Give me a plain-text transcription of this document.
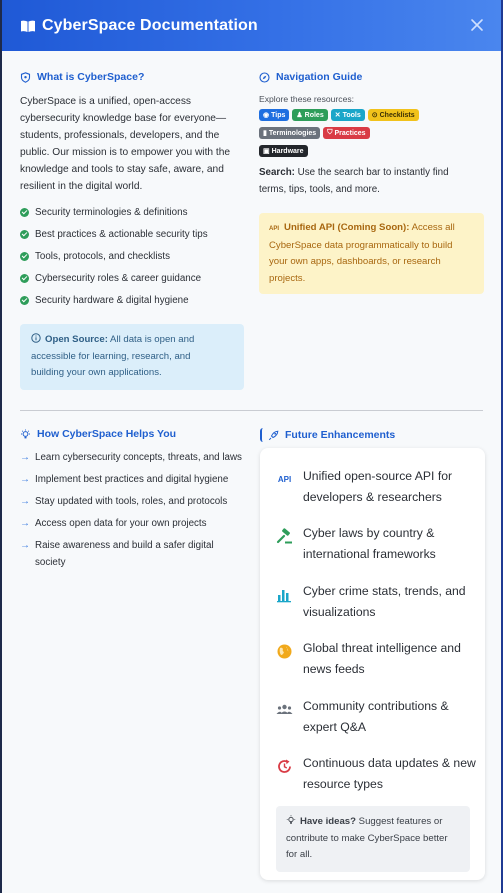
CyberSpace Documentation
What is CyberSpace?
CyberSpace is a unified, open-access
cybersecurity knowledge base for everyone—
students, professionals, developers, and the
public. Our mission is to empower you with the
knowledge and tools to stay safe, aware, and
resilient in the digital world.
Security terminologies & definitions
Best practices & actionable security tips
Tools, protocols, and checklists
Cybersecurity roles & career guidance
Security hardware & digital hygiene
Open Source: All data is open and
accessible for learning, research, and
building your own applications.
Navigation Guide
Explore these resources:
◉ Tips ♟ Roles ✕ Tools ⊙ Checklists
▮ Terminologies ⛉ Practices
▣ Hardware
Search: Use the search bar to instantly find
terms, tips, tools, and more.
API Unified API (Coming Soon): Access all
CyberSpace data programmatically to build
your own apps, dashboards, or research
projects.
How CyberSpace Helps You
→ Learn cybersecurity concepts, threats, and laws
→ Implement best practices and digital hygiene
→ Stay updated with tools, roles, and protocols
→ Access open data for your own projects
→ Raise awareness and build a safer digital society
Future Enhancements
API Unified open-source API for developers & researchers
Cyber laws by country & international frameworks
Cyber crime stats, trends, and visualizations
Global threat intelligence and news feeds
Community contributions & expert Q&A
Continuous data updates & new resource types
Have ideas? Suggest features or
contribute to make CyberSpace better
for all.
